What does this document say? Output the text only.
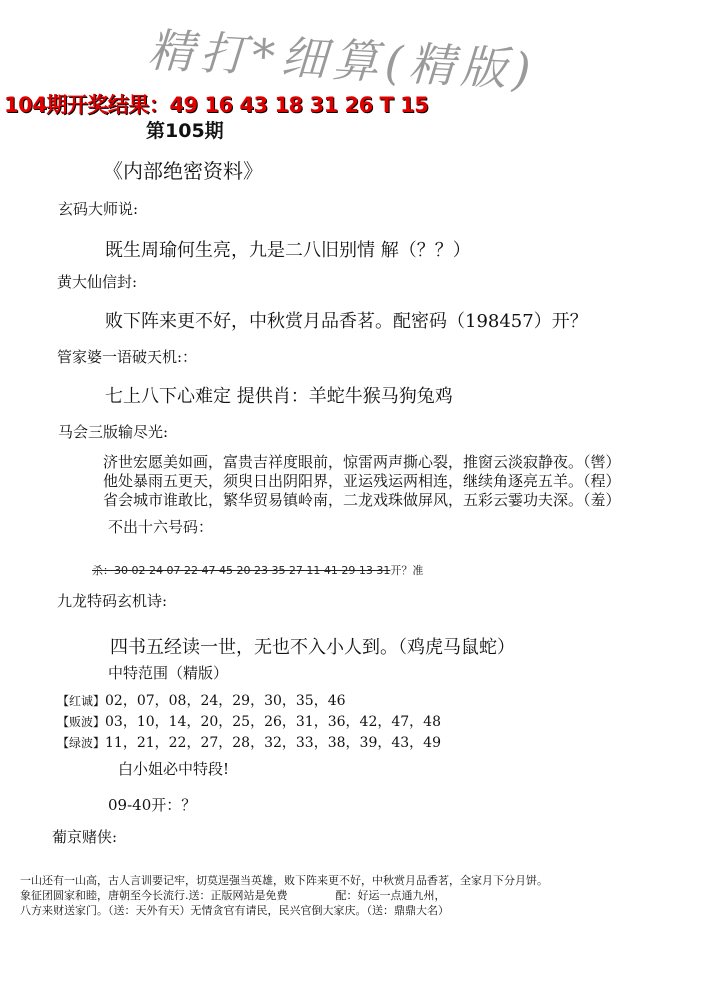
精打*细算(精版)
104期开奖结果：49 16 43 18 31 26 T 15
第105期
《内部绝密资料》
玄码大师说:
既生周瑜何生亮，九是二八旧别情 解（？？）
黄大仙信封:
败下阵来更不好，中秋赏月品香茗。配密码（198457）开？
管家婆一语破天机:：
七上八下心难定 提供肖：羊蛇牛猴马狗兔鸡
马会三版输尽光:
济世宏愿美如画，富贵吉祥度眼前，惊雷两声撕心裂，推窗云淡寂静夜。（辔）
他处暴雨五更天，须臾日出阴阳界，亚运残运两相连，继续角逐亮五羊。（程）
省会城市谁敢比，繁华贸易镇岭南，二龙戏珠做屏风，五彩云霎功夫深。（羞）
不出十六号码：
杀：30 02 24 07 22 47 45 20 23 35 27 11 41 29 13 31开？准
九龙特码玄机诗:
四书五经读一世，无也不入小人到。（鸡虎马鼠蛇）
中特范围（精版）
【红诚】02，07，08，24，29，30，35，46
【贩波】03，10，14，20，25，26，31，36，42，47，48
【绿波】11，21，22，27，28，32，33，38，39，43，49
白小姐必中特段!
09-40开：？
葡京赌侠:
一山还有一山高，古人言训要记牢，切莫逞强当英雄，败下阵来更不好，中秋赏月品香茗，全家月下分月饼。
象征团圆家和睦，唐朝至今长流行.送：正版网站是免费	配：好运一点通九州，
八方来财送家门。（送：天外有天）无情贪官有请民，民兴官倒大家庆。（送：鼎鼎大名）
